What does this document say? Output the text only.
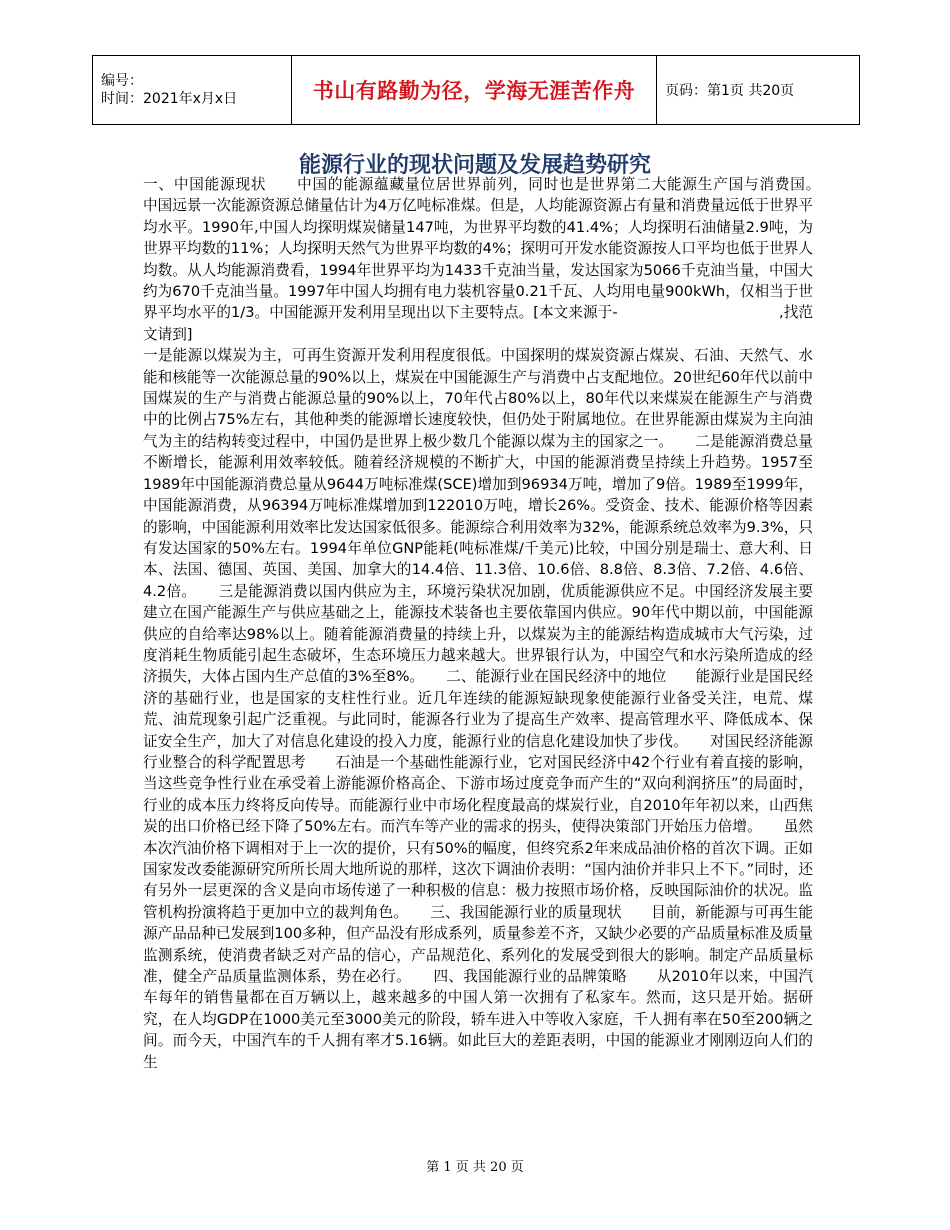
编号：
时间：2021年x月x日	书山有路勤为径，学海无涯苦作舟	页码：第1页 共20页
能源行业的现状问题及发展趋势研究

一、中国能源现状　　中国的能源蕴藏量位居世界前列，同时也是世界第二大能源生产国与消费国。　　中国远景一次能源资源总储量估计为4万亿吨标准煤。但是，人均能源资源占有量和消费量远低于世界平均水平。1990年,中国人均探明煤炭储量147吨，为世界平均数的41.4%；人均探明石油储量2.9吨，为世界平均数的11%；人均探明天然气为世界平均数的4%；探明可开发水能资源按人口平均也低于世界人均数。从人均能源消费看，1994年世界平均为1433千克油当量，发达国家为5066千克油当量，中国大约为670千克油当量。1997年中国人均拥有电力装机容量0.21千瓦、人均用电量900kWh，仅相当于世界平均水平的1/3。中国能源开发利用呈现出以下主要特点。[本文来源于-　　　　　　　　　　　	,找范文请到]

一是能源以煤炭为主，可再生资源开发利用程度很低。中国探明的煤炭资源占煤炭、石油、天然气、水能和核能等一次能源总量的90%以上，煤炭在中国能源生产与消费中占支配地位。20世纪60年代以前中国煤炭的生产与消费占能源总量的90%以上，70年代占80%以上，80年代以来煤炭在能源生产与消费中的比例占75%左右，其他种类的能源增长速度较快，但仍处于附属地位。在世界能源由煤炭为主向油气为主的结构转变过程中，中国仍是世界上极少数几个能源以煤为主的国家之一。　　二是能源消费总量不断增长，能源利用效率较低。随着经济规模的不断扩大，中国的能源消费呈持续上升趋势。1957至1989年中国能源消费总量从9644万吨标准煤(SCE)增加到96934万吨，增加了9倍。1989至1999年，中国能源消费，从96394万吨标准煤增加到122010万吨，增长26%。受资金、技术、能源价格等因素的影响，中国能源利用效率比发达国家低很多。能源综合利用效率为32%，能源系统总效率为9.3%，只有发达国家的50%左右。1994年单位GNP能耗(吨标准煤/千美元)比较，中国分别是瑞士、意大利、日本、法国、德国、英国、美国、加拿大的14.4倍、11.3倍、10.6倍、8.8倍、8.3倍、7.2倍、4.6倍、4.2倍。　　三是能源消费以国内供应为主，环境污染状况加剧，优质能源供应不足。中国经济发展主要建立在国产能源生产与供应基础之上，能源技术装备也主要依靠国内供应。90年代中期以前，中国能源供应的自给率达98%以上。随着能源消费量的持续上升，以煤炭为主的能源结构造成城市大气污染，过度消耗生物质能引起生态破坏，生态环境压力越来越大。世界银行认为，中国空气和水污染所造成的经济损失，大体占国内生产总值的3%至8%。　　二、能源行业在国民经济中的地位　　能源行业是国民经济的基础行业，也是国家的支柱性行业。近几年连续的能源短缺现象使能源行业备受关注，电荒、煤荒、油荒现象引起广泛重视。与此同时，能源各行业为了提高生产效率、提高管理水平、降低成本、保证安全生产，加大了对信息化建设的投入力度，能源行业的信息化建设加快了步伐。　　对国民经济能源行业整合的科学配置思考　　石油是一个基础性能源行业，它对国民经济中42个行业有着直接的影响，当这些竞争性行业在承受着上游能源价格高企、下游市场过度竞争而产生的“双向利润挤压”的局面时，行业的成本压力终将反向传导。而能源行业中市场化程度最高的煤炭行业，自2010年年初以来，山西焦炭的出口价格已经下降了50%左右。而汽车等产业的需求的拐头，使得决策部门开始压力倍增。　　虽然本次汽油价格下调相对于上一次的提价，只有50%的幅度，但终究系2年来成品油价格的首次下调。正如国家发改委能源研究所所长周大地所说的那样，这次下调油价表明：“国内油价并非只上不下。”同时，还有另外一层更深的含义是向市场传递了一种积极的信息：极力按照市场价格，反映国际油价的状况。监管机构扮演将趋于更加中立的裁判角色。　　三、我国能源行业的质量现状　　目前，新能源与可再生能源产品品种已发展到100多种，但产品没有形成系列，质量参差不齐，又缺少必要的产品质量标准及质量监测系统，使消费者缺乏对产品的信心，产品规范化、系列化的发展受到很大的影响。制定产品质量标准，健全产品质量监测体系，势在必行。　　四、我国能源行业的品牌策略　　从2010年以来，中国汽车每年的销售量都在百万辆以上，越来越多的中国人第一次拥有了私家车。然而，这只是开始。据研究，在人均GDP在1000美元至3000美元的阶段，轿车进入中等收入家庭，千人拥有率在50至200辆之间。而今天，中国汽车的千人拥有率才5.16辆。如此巨大的差距表明，中国的能源业才刚刚迈向人们的生

第 1 页 共 20 页
